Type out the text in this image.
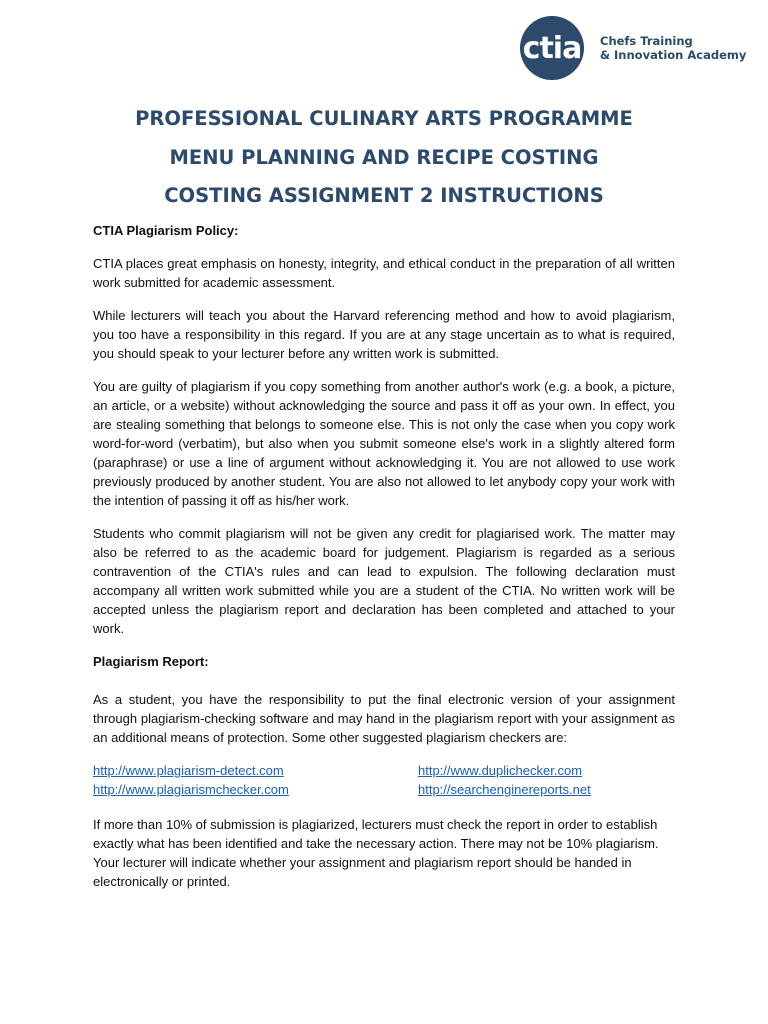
ctia Chefs Training
& Innovation Academy
PROFESSIONAL CULINARY ARTS PROGRAMME
MENU PLANNING AND RECIPE COSTING
COSTING ASSIGNMENT 2 INSTRUCTIONS

CTIA Plagiarism Policy:

CTIA places great emphasis on honesty, integrity, and ethical conduct in the preparation of all written work submitted for academic assessment.

While lecturers will teach you about the Harvard referencing method and how to avoid plagiarism, you too have a responsibility in this regard. If you are at any stage uncertain as to what is required, you should speak to your lecturer before any written work is submitted.

You are guilty of plagiarism if you copy something from another author's work (e.g. a book, a picture, an article, or a website) without acknowledging the source and pass it off as your own. In effect, you are stealing something that belongs to someone else. This is not only the case when you copy work word-for-word (verbatim), but also when you submit someone else's work in a slightly altered form (paraphrase) or use a line of argument without acknowledging it. You are not allowed to use work previously produced by another student. You are also not allowed to let anybody copy your work with the intention of passing it off as his/her work.

Students who commit plagiarism will not be given any credit for plagiarised work. The matter may also be referred to as the academic board for judgement. Plagiarism is regarded as a serious contravention of the CTIA's rules and can lead to expulsion. The following declaration must accompany all written work submitted while you are a student of the CTIA. No written work will be accepted unless the plagiarism report and declaration has been completed and attached to your work.

Plagiarism Report:

As a student, you have the responsibility to put the final electronic version of your assignment through plagiarism-checking software and may hand in the plagiarism report with your assignment as an additional means of protection. Some other suggested plagiarism checkers are:

http://www.plagiarism-detect.com	http://www.duplichecker.com
http://www.plagiarismchecker.com	http://searchenginereports.net

If more than 10% of submission is plagiarized, lecturers must check the report in order to establish exactly what has been identified and take the necessary action. There may not be 10% plagiarism. Your lecturer will indicate whether your assignment and plagiarism report should be handed in electronically or printed.
